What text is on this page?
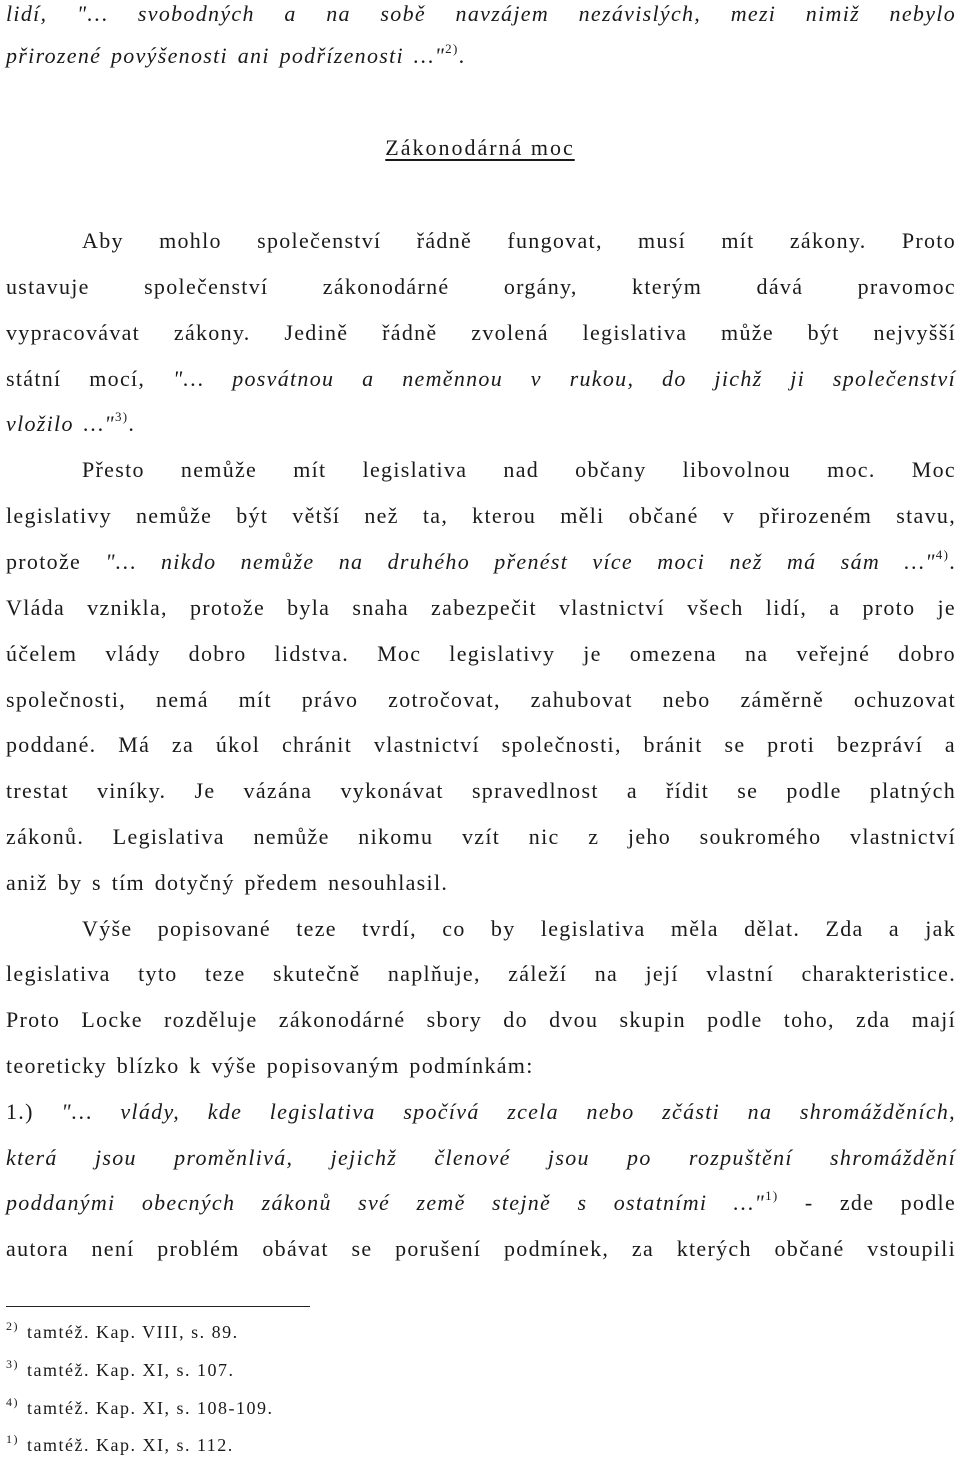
lidí, "… svobodných a na sobě navzájem nezávislých, mezi nimiž nebylo
přirozené povýšenosti ani podřízenosti …"$^{2)}$.
Zákonodárná moc
Aby mohlo společenství řádně fungovat, musí mít zákony. Proto
ustavuje společenství zákonodárné orgány, kterým dává pravomoc
vypracovávat zákony. Jedině řádně zvolená legislativa může být nejvyšší
státní mocí, "… posvátnou a neměnnou v rukou, do jichž ji společenství
vložilo …"$^{3)}$.
Přesto nemůže mít legislativa nad občany libovolnou moc. Moc
legislativy nemůže být větší než ta, kterou měli občané v přirozeném stavu,
protože "… nikdo nemůže na druhého přenést více moci než má sám …"$^{4)}$.
Vláda vznikla, protože byla snaha zabezpečit vlastnictví všech lidí, a proto je
účelem vlády dobro lidstva. Moc legislativy je omezena na veřejné dobro
společnosti, nemá mít právo zotročovat, zahubovat nebo záměrně ochuzovat
poddané. Má za úkol chránit vlastnictví společnosti, bránit se proti bezpráví a
trestat viníky. Je vázána vykonávat spravedlnost a řídit se podle platných
zákonů. Legislativa nemůže nikomu vzít nic z jeho soukromého vlastnictví
aniž by s tím dotyčný předem nesouhlasil.
Výše popisované teze tvrdí, co by legislativa měla dělat. Zda a jak
legislativa tyto teze skutečně naplňuje, záleží na její vlastní charakteristice.
Proto Locke rozděluje zákonodárné sbory do dvou skupin podle toho, zda mají
teoreticky blízko k výše popisovaným podmínkám:
1.) "… vlády, kde legislativa spočívá zcela nebo zčásti na shromážděních,
která jsou proměnlivá, jejichž členové jsou po rozpuštění shromáždění
poddanými obecných zákonů své země stejně s ostatními …"$^{1)}$ - zde podle
autora není problém obávat se porušení podmínek, za kterých občané vstoupili
$^{2)}$ tamtéž. Kap. VIII, s. 89.
$^{3)}$ tamtéž. Kap. XI, s. 107.
$^{4)}$ tamtéž. Kap. XI, s. 108-109.
$^{1)}$ tamtéž. Kap. XI, s. 112.
